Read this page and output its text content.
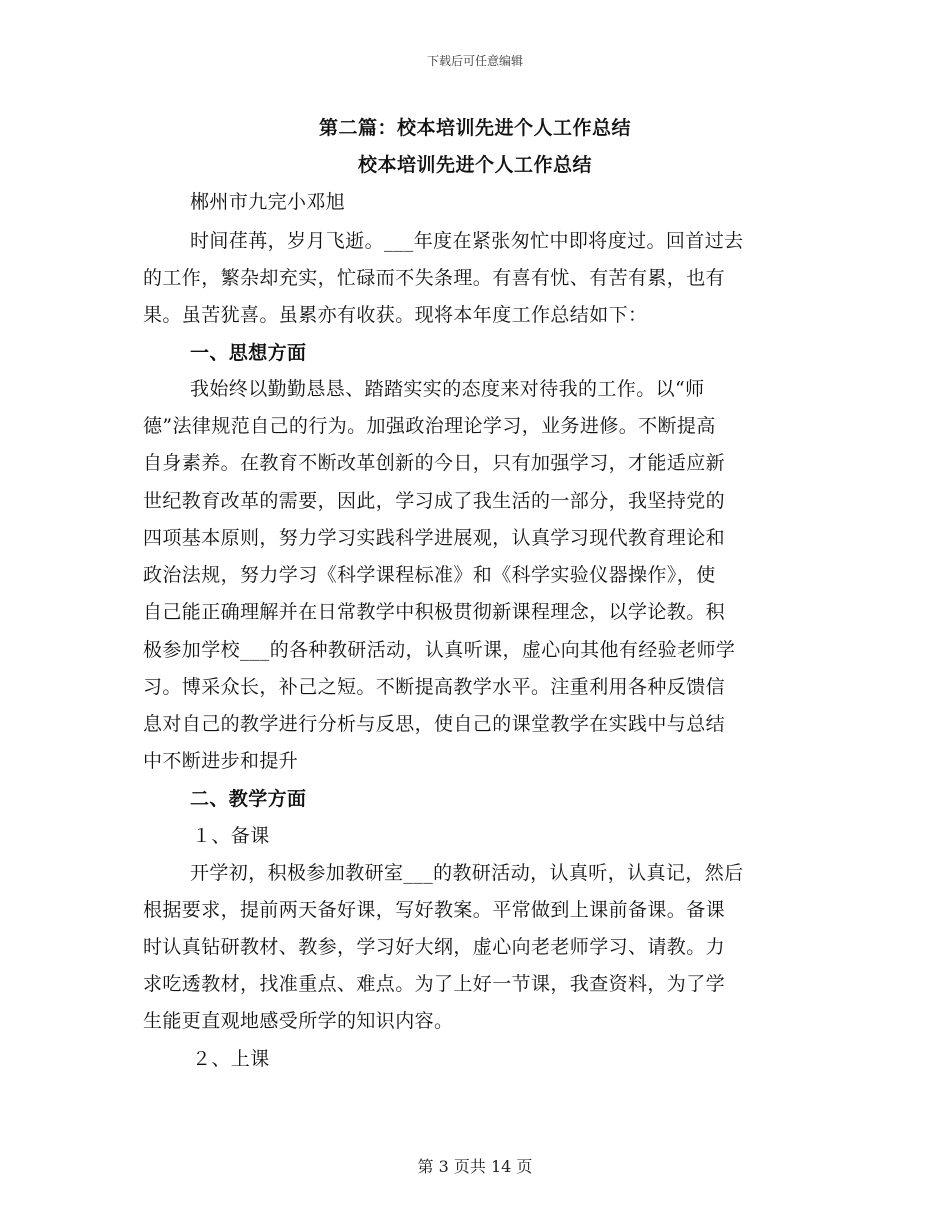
下载后可任意编辑
第二篇：校本培训先进个人工作总结
校本培训先进个人工作总结
郴州市九完小邓旭
时间荏苒，岁月飞逝。___年度在紧张匆忙中即将度过。回首过去
的工作，繁杂却充实，忙碌而不失条理。有喜有忧、有苦有累，也有
果。虽苦犹喜。虽累亦有收获。现将本年度工作总结如下：
一、思想方面
我始终以勤勤恳恳、踏踏实实的态度来对待我的工作。以“师
德”法律规范自己的行为。加强政治理论学习，业务进修。不断提高
自身素养。在教育不断改革创新的今日，只有加强学习，才能适应新
世纪教育改革的需要，因此，学习成了我生活的一部分，我坚持党的
四项基本原则，努力学习实践科学进展观，认真学习现代教育理论和
政治法规，努力学习《科学课程标准》和《科学实验仪器操作》，使
自己能正确理解并在日常教学中积极贯彻新课程理念，以学论教。积
极参加学校___的各种教研活动，认真听课，虚心向其他有经验老师学
习。博采众长，补己之短。不断提高教学水平。注重利用各种反馈信
息对自己的教学进行分析与反思，使自己的课堂教学在实践中与总结
中不断进步和提升
二、教学方面
１、备课
开学初，积极参加教研室___的教研活动，认真听，认真记，然后
根据要求，提前两天备好课，写好教案。平常做到上课前备课。备课
时认真钻研教材、教参，学习好大纲，虚心向老老师学习、请教。力
求吃透教材，找准重点、难点。为了上好一节课，我查资料，为了学
生能更直观地感受所学的知识内容。
２、上课
第 3 页共 14 页
